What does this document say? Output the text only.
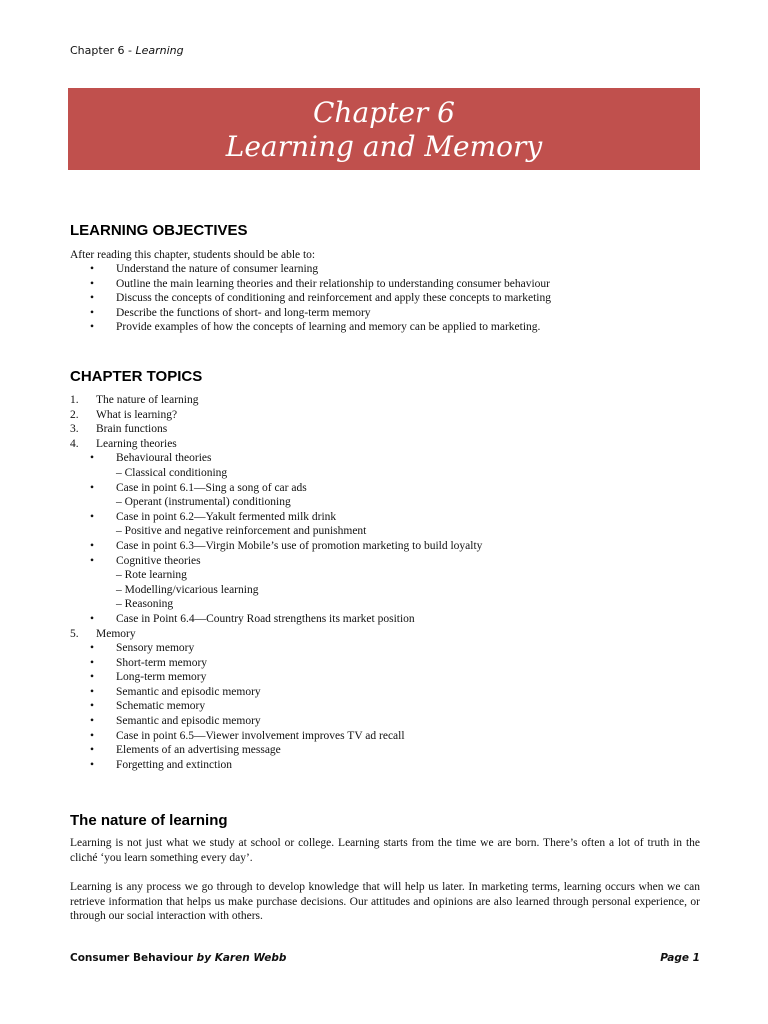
Chapter 6 - Learning
Chapter 6
Learning and Memory
LEARNING OBJECTIVES
After reading this chapter, students should be able to:
• Understand the nature of consumer learning
• Outline the main learning theories and their relationship to understanding consumer behaviour
• Discuss the concepts of conditioning and reinforcement and apply these concepts to marketing
• Describe the functions of short- and long-term memory
• Provide examples of how the concepts of learning and memory can be applied to marketing.
CHAPTER TOPICS
1. The nature of learning
2. What is learning?
3. Brain functions
4. Learning theories
• Behavioural theories
– Classical conditioning
• Case in point 6.1—Sing a song of car ads
– Operant (instrumental) conditioning
• Case in point 6.2—Yakult fermented milk drink
– Positive and negative reinforcement and punishment
• Case in point 6.3—Virgin Mobile’s use of promotion marketing to build loyalty
• Cognitive theories
– Rote learning
– Modelling/vicarious learning
– Reasoning
• Case in Point 6.4—Country Road strengthens its market position
5. Memory
• Sensory memory
• Short-term memory
• Long-term memory
• Semantic and episodic memory
• Schematic memory
• Semantic and episodic memory
• Case in point 6.5—Viewer involvement improves TV ad recall
• Elements of an advertising message
• Forgetting and extinction
The nature of learning
Learning is not just what we study at school or college. Learning starts from the time we are born. There’s often a lot of truth in the cliché ‘you learn something every day’.
Learning is any process we go through to develop knowledge that will help us later. In marketing terms, learning occurs when we can retrieve information that helps us make purchase decisions. Our attitudes and opinions are also learned through personal experience, or through our social interaction with others.
Consumer Behaviour by Karen Webb	Page 1
